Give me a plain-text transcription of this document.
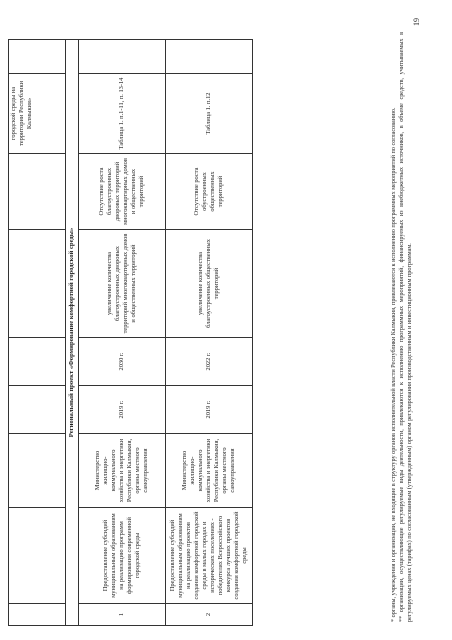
							городской среды на территории Республики Калмыкия»	
Региональный проект «Формирование комфортной городской среды»								
1	Предоставление субсидий муниципальным образованиям на реализацию программ формирования современной городской среды	Министерство жилищно-коммунального хозяйства и энергетики Республики Калмыкия, органы местного самоуправления	2019 г.	2030 г.	увеличение количества благоустроенных дворовых территорий многоквартирных домов и общественных территорий	Отсутствие роста благоустроенных дворовых территорий многоквартирных домов и общественных территорий	Таблица 1. п.1-11, п. 13-14	
2	Предоставление субсидий муниципальным образованиям на реализацию проектов создания комфортной городской среды в малых городах и исторических поселениях - победителях Всероссийского конкурса лучших проектов создания комфортной городской среды	Министерство жилищно-коммунального хозяйства и энергетики Республики Калмыкия, органы местного самоуправления	2019 г.	2022 г.	увеличение количества благоустроенных общественных территорий	Отсутствие роста обустроенных общественных территорий	Таблица 1. п.12		* органы, учреждения и организации, не входящие в структуру органов исполнительной власти Республики Калмыкия, привлекаются к исполнению программных мероприятий по согласованию. ** организации, осуществляющие регулируемые виды деятельности, привлекаются к исполнению программных мероприятий, финансируемых из внебюджетных источников, в объеме средств, учитываемых в регулируемых ценах (тарифах) по согласованным (утвержденным) органом регулирования производственным и инвестиционным программам.

19
